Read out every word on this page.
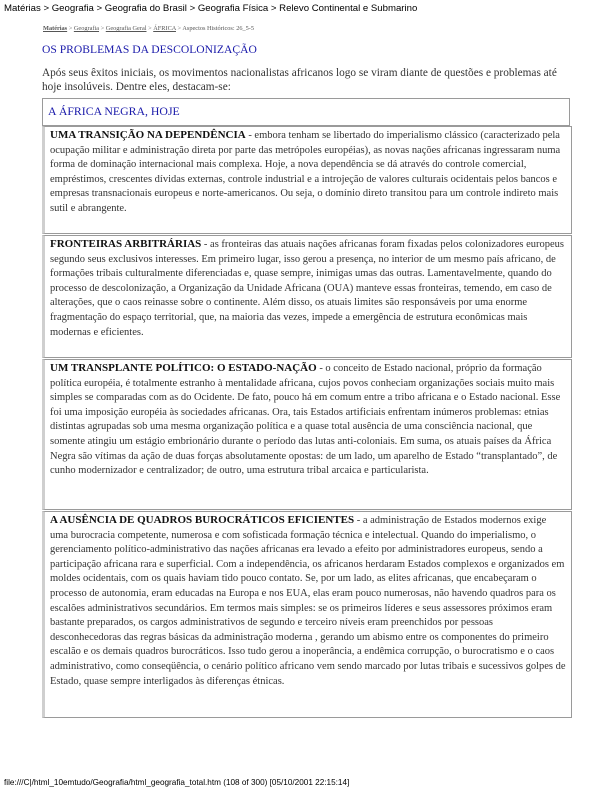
Matérias > Geografia > Geografia do Brasil > Geografia Física > Relevo Continental e Submarino
Matérias > Geografia > Geografia Geral > ÁFRICA > Aspectos Históricos: 26_5-5
OS PROBLEMAS DA DESCOLONIZAÇÃO
Após seus êxitos iniciais, os movimentos nacionalistas africanos logo se viram diante de questões e problemas até hoje insolúveis. Dentre eles, destacam-se:
A ÁFRICA NEGRA, HOJE
UMA TRANSIÇÃO NA DEPENDÊNCIA - embora tenham se libertado do imperialismo clássico (caracterizado pela ocupação militar e administração direta por parte das metrópoles européias), as novas nações africanas ingressaram numa forma de dominação internacional mais complexa. Hoje, a nova dependência se dá através do controle comercial, empréstimos, crescentes dívidas externas, controle industrial e a introjeção de valores culturais ocidentais pelos bancos e empresas transnacionais europeus e norte-americanos. Ou seja, o domínio direto transitou para um controle indireto mais sutil e abrangente.
FRONTEIRAS ARBITRÁRIAS - as fronteiras das atuais nações africanas foram fixadas pelos colonizadores europeus segundo seus exclusivos interesses. Em primeiro lugar, isso gerou a presença, no interior de um mesmo país africano, de formações tribais culturalmente diferenciadas e, quase sempre, inimigas umas das outras. Lamentavelmente, quando do processo de descolonização, a Organização da Unidade Africana (OUA) manteve essas fronteiras, temendo, em caso de alterações, que o caos reinasse sobre o continente. Além disso, os atuais limites são responsáveis por uma enorme fragmentação do espaço territorial, que, na maioria das vezes, impede a emergência de estrutura econômicas mais modernas e eficientes.
UM TRANSPLANTE POLÍTICO: O ESTADO-NAÇÃO - o conceito de Estado nacional, próprio da formação política européia, é totalmente estranho à mentalidade africana, cujos povos conheciam organizações sociais muito mais simples se comparadas com as do Ocidente. De fato, pouco há em comum entre a tribo africana e o Estado nacional. Esse foi uma imposição européia às sociedades africanas. Ora, tais Estados artificiais enfrentam inúmeros problemas: etnias distintas agrupadas sob uma mesma organização política e a quase total ausência de uma consciência nacional, que somente atingiu um estágio embrionário durante o período das lutas anti-coloniais. Em suma, os atuais países da África Negra são vítimas da ação de duas forças absolutamente opostas: de um lado, um aparelho de Estado “transplantado”, de cunho modernizador e centralizador; de outro, uma estrutura tribal arcaica e particularista.
A AUSÊNCIA DE QUADROS BUROCRÁTICOS EFICIENTES - a administração de Estados modernos exige uma burocracia competente, numerosa e com sofisticada formação técnica e intelectual. Quando do imperialismo, o gerenciamento político-administrativo das nações africanas era levado a efeito por administradores europeus, sendo a participação africana rara e superficial. Com a independência, os africanos herdaram Estados complexos e organizados em moldes ocidentais, com os quais haviam tido pouco contato. Se, por um lado, as elites africanas, que encabeçaram o processo de autonomia, eram educadas na Europa e nos EUA, elas eram pouco numerosas, não havendo quadros para os escalões administrativos secundários. Em termos mais simples: se os primeiros líderes e seus assessores próximos eram bastante preparados, os cargos administrativos de segundo e terceiro níveis eram preenchidos por pessoas desconhecedoras das regras básicas da administração moderna , gerando um abismo entre os componentes do primeiro escalão e os demais quadros burocráticos. Isso tudo gerou a inoperância, a endêmica corrupção, o burocratismo e o caos administrativo, como conseqüência, o cenário político africano vem sendo marcado por lutas tribais e sucessivos golpes de Estado, quase sempre interligados às diferenças étnicas.
file:///C|/html_10emtudo/Geografia/html_geografia_total.htm (108 of 300) [05/10/2001 22:15:14]
